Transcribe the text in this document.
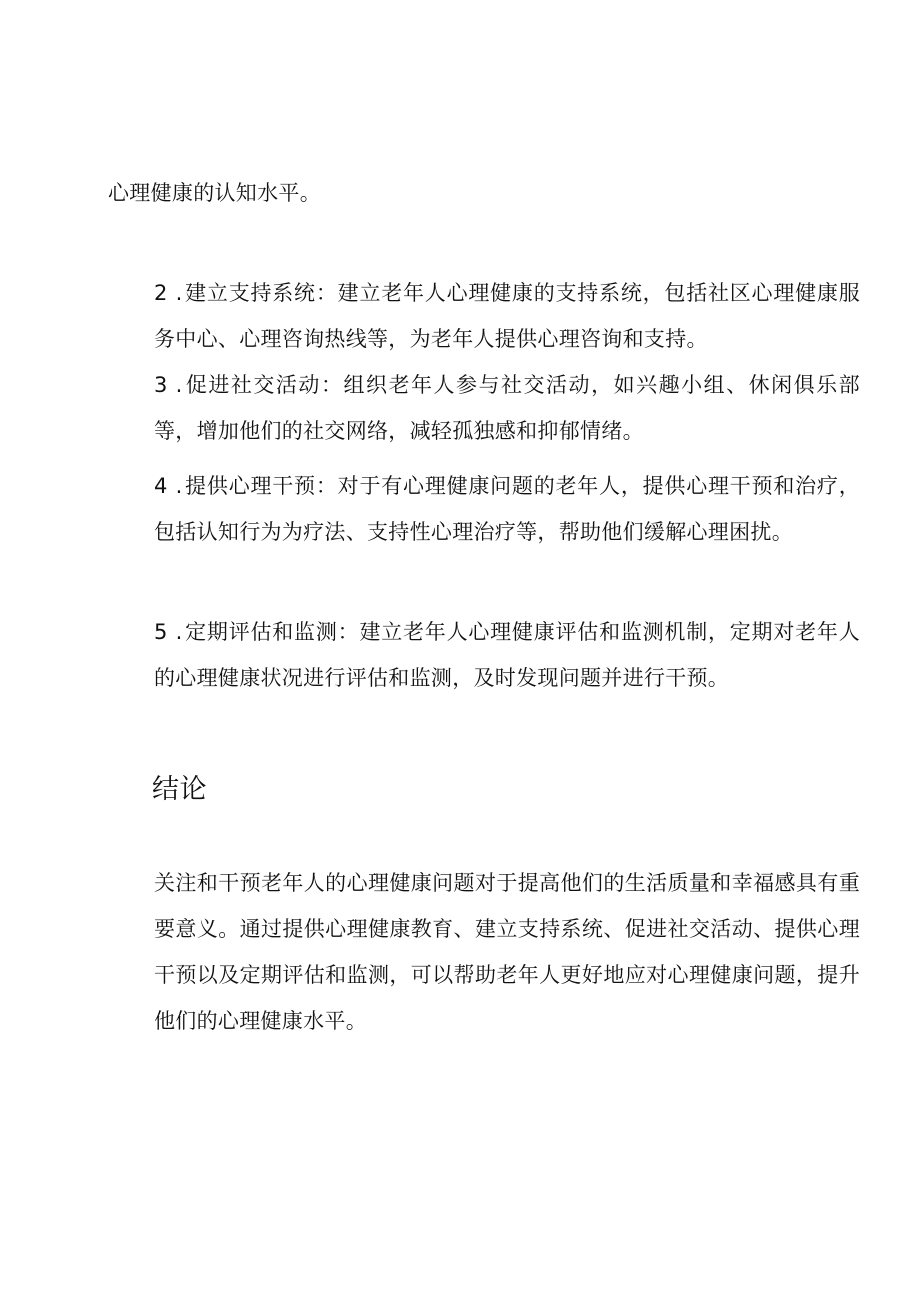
心理健康的认知水平。

2 .建立支持系统：建立老年人心理健康的支持系统，包括社区心理健康服务中心、心理咨询热线等，为老年人提供心理咨询和支持。

3 .促进社交活动：组织老年人参与社交活动，如兴趣小组、休闲俱乐部等，增加他们的社交网络，减轻孤独感和抑郁情绪。

4 .提供心理干预：对于有心理健康问题的老年人，提供心理干预和治疗，包括认知行为为疗法、支持性心理治疗等，帮助他们缓解心理困扰。

5 .定期评估和监测：建立老年人心理健康评估和监测机制，定期对老年人的心理健康状况进行评估和监测，及时发现问题并进行干预。

结论

关注和干预老年人的心理健康问题对于提高他们的生活质量和幸福感具有重要意义。通过提供心理健康教育、建立支持系统、促进社交活动、提供心理干预以及定期评估和监测，可以帮助老年人更好地应对心理健康问题，提升他们的心理健康水平。
